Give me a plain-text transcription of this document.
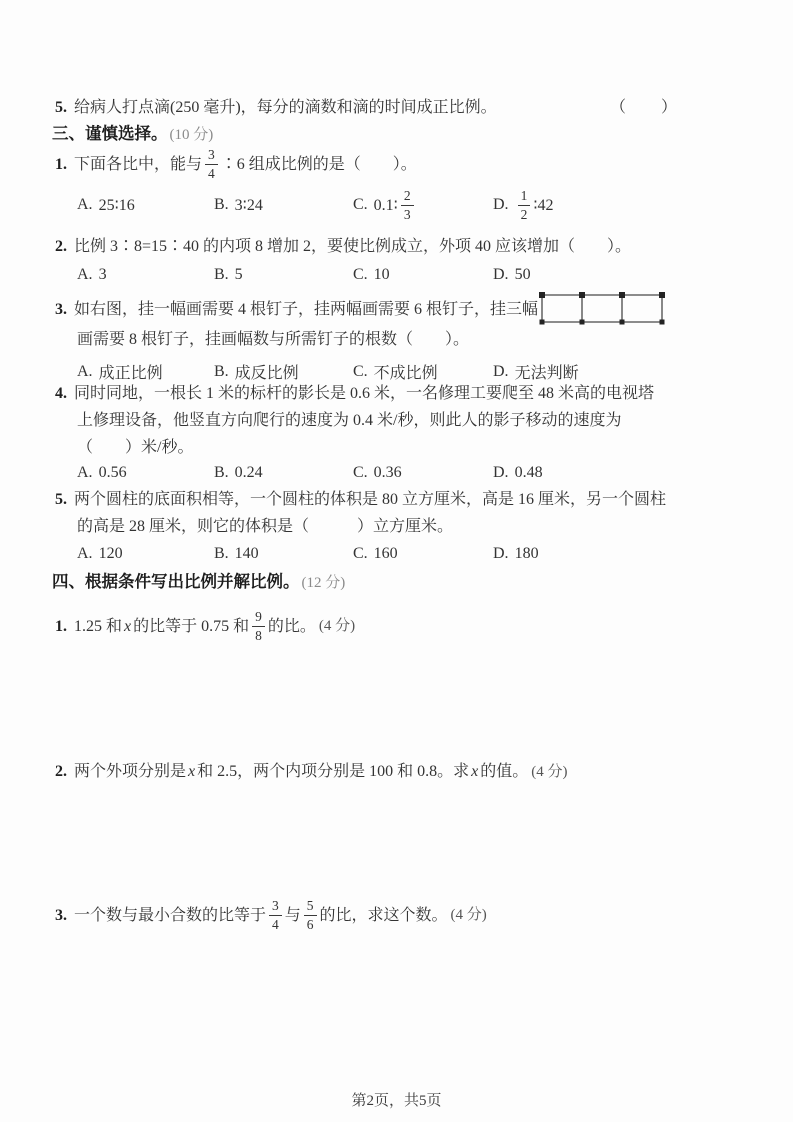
5. 给病人打点滴(250 毫升)，每分的滴数和滴的时间成正比例。	（　　）
三、谨慎选择。 (10 分)
1. 下面各比中，能与 $\frac{3}{4}$ ∶6 组成比例的是（　　）。
A. 25∶16	B. 3∶24	C. 0.1∶ $\frac{2}{3}$	D. $\frac{1}{2}$ ∶42
2. 比例 3∶8=15∶40 的内项 8 增加 2，要使比例成立，外项 40 应该增加（　　）。
A. 3	B. 5	C. 10	D. 50
3. 如右图，挂一幅画需要 4 根钉子，挂两幅画需要 6 根钉子，挂三幅
画需要 8 根钉子，挂画幅数与所需钉子的根数（　　）。
A. 成正比例	B. 成反比例	C. 不成比例	D. 无法判断
4. 同时同地，一根长 1 米的标杆的影长是 0.6 米，一名修理工要爬至 48 米高的电视塔
上修理设备，他竖直方向爬行的速度为 0.4 米/秒，则此人的影子移动的速度为
（　　）米/秒。
A. 0.56	B. 0.24	C. 0.36	D. 0.48
5. 两个圆柱的底面积相等，一个圆柱的体积是 80 立方厘米，高是 16 厘米，另一个圆柱
的高是 28 厘米，则它的体积是（　　　）立方厘米。
A. 120	B. 140	C. 160	D. 180
四、根据条件写出比例并解比例。 (12 分)
1. 1.25 和 x 的比等于 0.75 和 $\frac{9}{8}$ 的比。 (4 分)
2. 两个外项分别是 x 和 2.5，两个内项分别是 100 和 0.8。求 x 的值。 (4 分)
3. 一个数与最小合数的比等于 $\frac{3}{4}$ 与 $\frac{5}{6}$ 的比，求这个数。 (4 分)
第2页，共5页
